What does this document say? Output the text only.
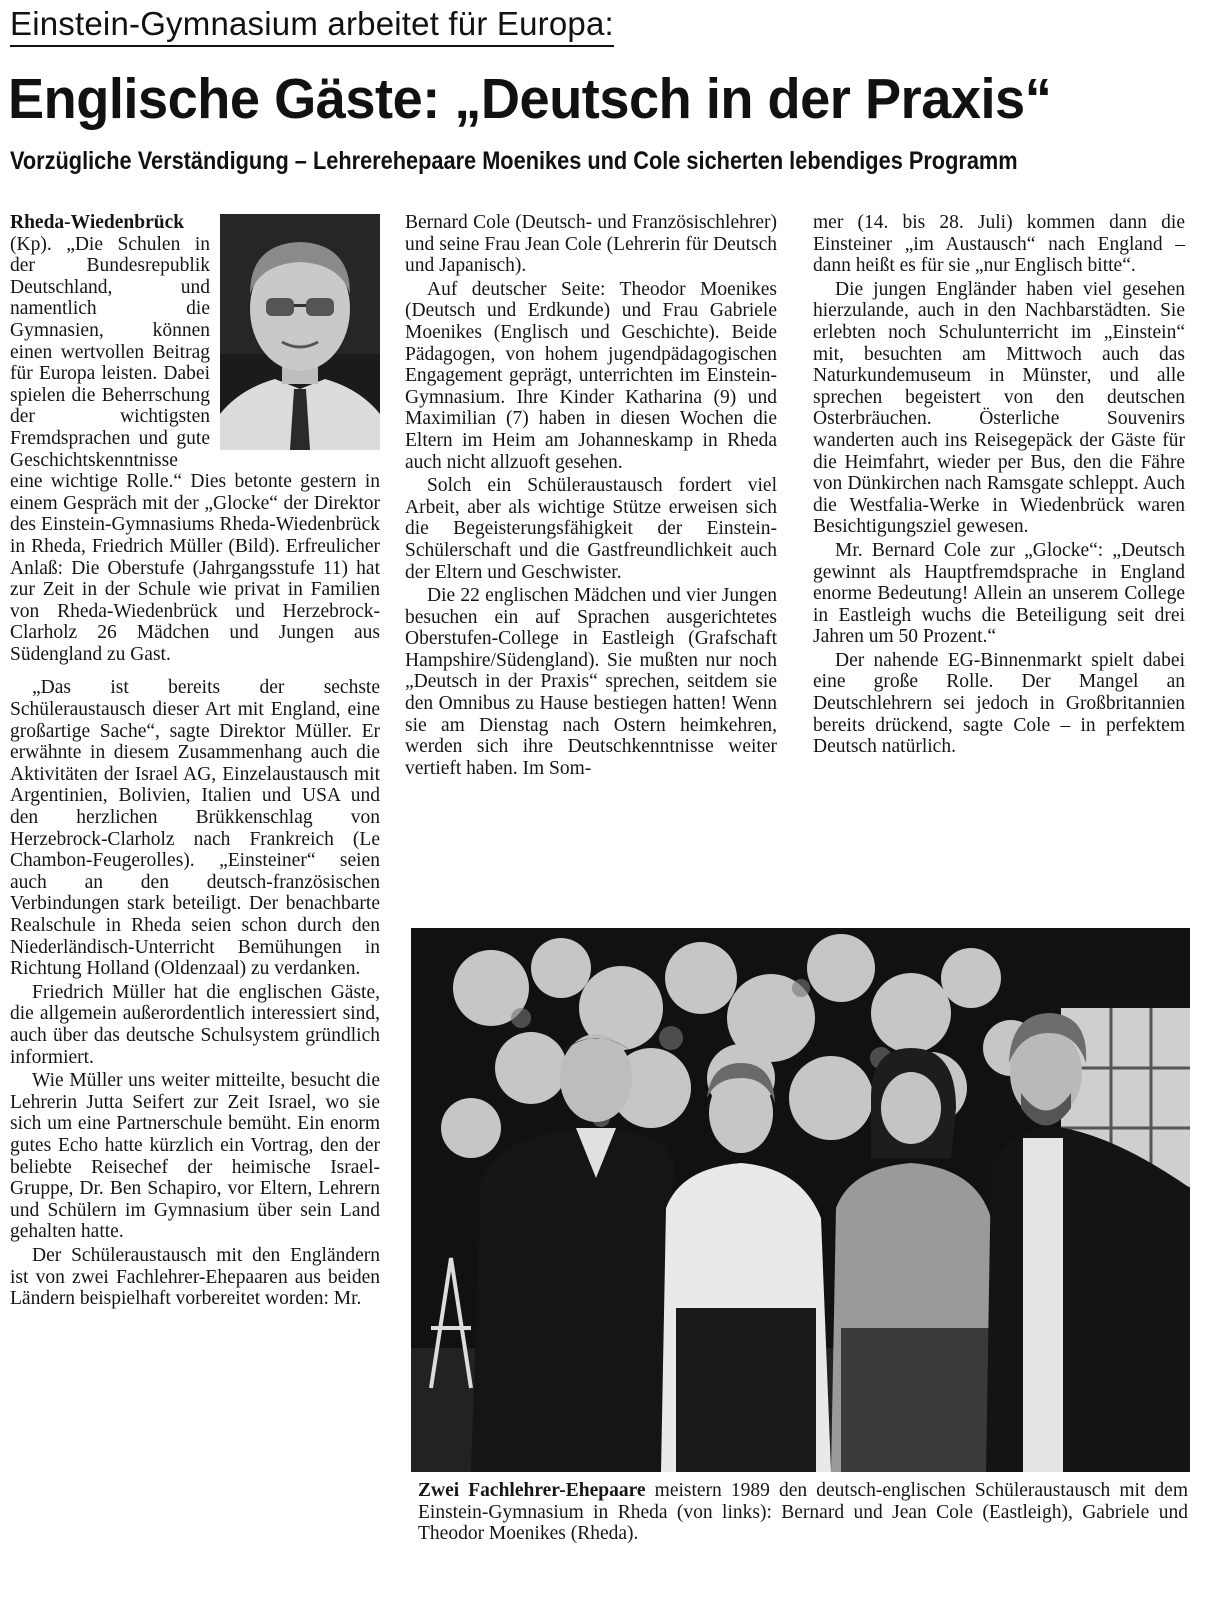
Einstein-Gymnasium arbeitet für Europa:
Englische Gäste: „Deutsch in der Praxis“
Vorzügliche Verständigung – Lehrerehepaare Moenikes und Cole sicherten lebendiges Programm

Rheda-Wiedenbrück (Kp). „Die Schulen in der Bundesrepublik Deutschland, und namentlich die Gymnasien, können einen wertvollen Beitrag für Europa leisten. Dabei spielen die Beherrschung der wichtigsten Fremdsprachen und gute Geschichtskenntnisse eine wichtige Rolle.“ Dies betonte gestern in einem Gespräch mit der „Glocke“ der Direktor des Einstein-Gymnasiums Rheda-Wiedenbrück in Rheda, Friedrich Müller (Bild). Erfreulicher Anlaß: Die Oberstufe (Jahrgangsstufe 11) hat zur Zeit in der Schule wie privat in Familien von Rheda-Wiedenbrück und Herzebrock-Clarholz 26 Mädchen und Jungen aus Südengland zu Gast.

„Das ist bereits der sechste Schüleraustausch dieser Art mit England, eine großartige Sache“, sagte Direktor Müller. Er erwähnte in diesem Zusammenhang auch die Aktivitäten der Israel AG, Einzelaustausch mit Argentinien, Bolivien, Italien und USA und den herzlichen Brükkenschlag von Herzebrock-Clarholz nach Frankreich (Le Chambon-Feugerolles). „Einsteiner“ seien auch an den deutsch-französischen Verbindungen stark beteiligt. Der benachbarte Realschule in Rheda seien schon durch den Niederländisch-Unterricht Bemühungen in Richtung Holland (Oldenzaal) zu verdanken.

Friedrich Müller hat die englischen Gäste, die allgemein außerordentlich interessiert sind, auch über das deutsche Schulsystem gründlich informiert.

Wie Müller uns weiter mitteilte, besucht die Lehrerin Jutta Seifert zur Zeit Israel, wo sie sich um eine Partnerschule bemüht. Ein enorm gutes Echo hatte kürzlich ein Vortrag, den der beliebte Reisechef der heimische Israel-Gruppe, Dr. Ben Schapiro, vor Eltern, Lehrern und Schülern im Gymnasium über sein Land gehalten hatte.

Der Schüleraustausch mit den Engländern ist von zwei Fachlehrer-Ehepaaren aus beiden Ländern beispielhaft vorbereitet worden: Mr.

Bernard Cole (Deutsch- und Französischlehrer) und seine Frau Jean Cole (Lehrerin für Deutsch und Japanisch).

Auf deutscher Seite: Theodor Moenikes (Deutsch und Erdkunde) und Frau Gabriele Moenikes (Englisch und Geschichte). Beide Pädagogen, von hohem jugendpädagogischen Engagement geprägt, unterrichten im Einstein-Gymnasium. Ihre Kinder Katharina (9) und Maximilian (7) haben in diesen Wochen die Eltern im Heim am Johanneskamp in Rheda auch nicht allzuoft gesehen.

Solch ein Schüleraustausch fordert viel Arbeit, aber als wichtige Stütze erweisen sich die Begeisterungsfähigkeit der Einstein-Schülerschaft und die Gastfreundlichkeit auch der Eltern und Geschwister.

Die 22 englischen Mädchen und vier Jungen besuchen ein auf Sprachen ausgerichtetes Oberstufen-College in Eastleigh (Grafschaft Hampshire/Südengland). Sie mußten nur noch „Deutsch in der Praxis“ sprechen, seitdem sie den Omnibus zu Hause bestiegen hatten! Wenn sie am Dienstag nach Ostern heimkehren, werden sich ihre Deutschkenntnisse weiter vertieft haben. Im Som-

mer (14. bis 28. Juli) kommen dann die Einsteiner „im Austausch“ nach England – dann heißt es für sie „nur Englisch bitte“.

Die jungen Engländer haben viel gesehen hierzulande, auch in den Nachbarstädten. Sie erlebten noch Schulunterricht im „Einstein“ mit, besuchten am Mittwoch auch das Naturkundemuseum in Münster, und alle sprechen begeistert von den deutschen Osterbräuchen. Österliche Souvenirs wanderten auch ins Reisegepäck der Gäste für die Heimfahrt, wieder per Bus, den die Fähre von Dünkirchen nach Ramsgate schleppt. Auch die Westfalia-Werke in Wiedenbrück waren Besichtigungsziel gewesen.

Mr. Bernard Cole zur „Glocke“: „Deutsch gewinnt als Hauptfremdsprache in England enorme Bedeutung! Allein an unserem College in Eastleigh wuchs die Beteiligung seit drei Jahren um 50 Prozent.“

Der nahende EG-Binnenmarkt spielt dabei eine große Rolle. Der Mangel an Deutschlehrern sei jedoch in Großbritannien bereits drückend, sagte Cole – in perfektem Deutsch natürlich.

Zwei Fachlehrer-Ehepaare meistern 1989 den deutsch-englischen Schüleraustausch mit dem Einstein-Gymnasium in Rheda (von links): Bernard und Jean Cole (Eastleigh), Gabriele und Theodor Moenikes (Rheda).
